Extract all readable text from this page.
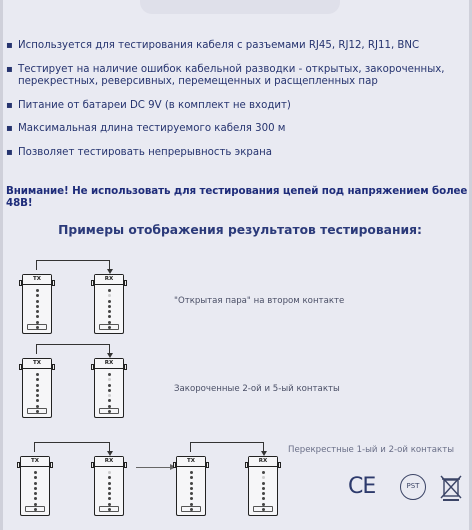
▪ Используется для тестирования кабеля с разъемами RJ45, RJ12, RJ11, BNC
▪ Тестирует на наличие ошибок кабельной разводки - открытых, закороченных, перекрестных, реверсивных, перемещенных и расщепленных пар
▪ Питание от батареи DC 9V (в комплект не входит)
▪ Максимальная длина тестируемого кабеля 300 м
▪ Позволяет тестировать непрерывность экрана
Внимание! Не использовать для тестирования цепей под напряжением более 48В!
Примеры отображения результатов тестирования:
TX	RX
"Открытая пара" на втором контакте
TX	RX
Закороченные 2-ой и 5-ый контакты
TX	RX	TX	RX
Перекрестные 1-ый и 2-ой контакты
CE	PST
